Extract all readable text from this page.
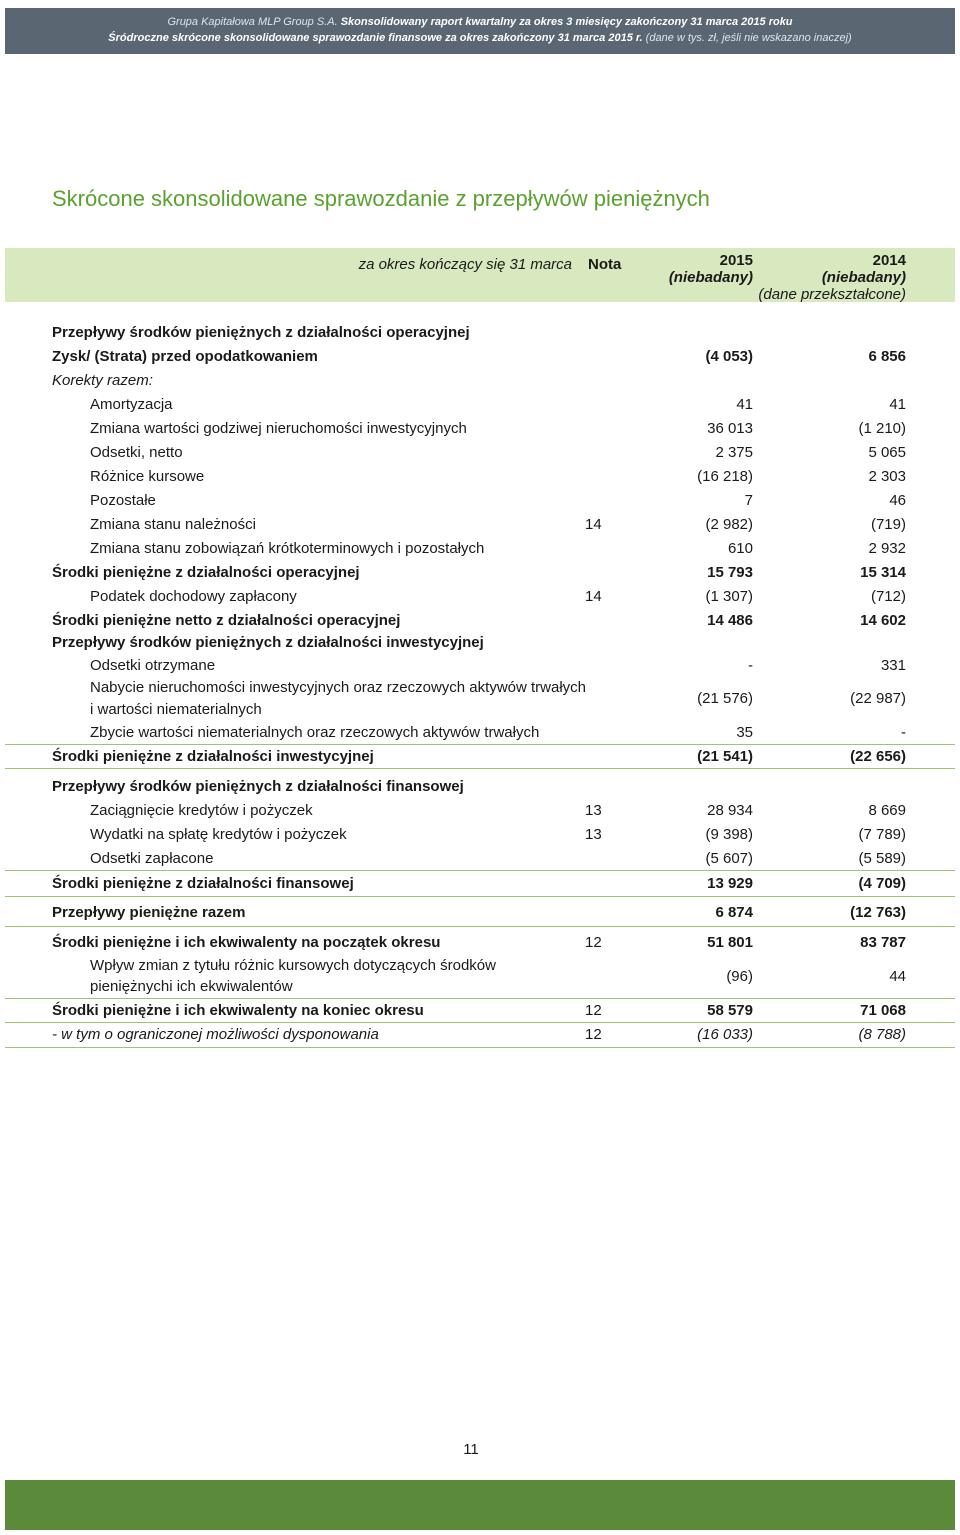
Grupa Kapitałowa MLP Group S.A. Skonsolidowany raport kwartalny za okres 3 miesięcy zakończony 31 marca 2015 roku
Śródroczne skrócone skonsolidowane sprawozdanie finansowe za okres zakończony 31 marca 2015 r. (dane w tys. zł, jeśli nie wskazano inaczej)
Skrócone skonsolidowane sprawozdanie z przepływów pieniężnych
za okres kończący się 31 marca Nota	2015
(niebadany)
2014
(niebadany)
(dane przekształcone)
Przepływy środków pieniężnych z działalności operacyjnej
Zysk/ (Strata) przed opodatkowaniem	(4 053)	6 856
Korekty razem:
Amortyzacja	41	41
Zmiana wartości godziwej nieruchomości inwestycyjnych	36 013	(1 210)
Odsetki, netto	2 375	5 065
Różnice kursowe	(16 218)	2 303
Pozostałe	7	46
Zmiana stanu należności	14	(2 982)	(719)
Zmiana stanu zobowiązań krótkoterminowych i pozostałych	610	2 932
Środki pieniężne z działalności operacyjnej	15 793	15 314
Podatek dochodowy zapłacony	14	(1 307)	(712)
Środki pieniężne netto z działalności operacyjnej	14 486	14 602
Przepływy środków pieniężnych z działalności inwestycyjnej
Odsetki otrzymane	-	331
Nabycie nieruchomości inwestycyjnych oraz rzeczowych aktywów trwałych i wartości niematerialnych
(21 576)	(22 987)
Zbycie wartości niematerialnych oraz rzeczowych aktywów trwałych	35	-
Środki pieniężne z działalności inwestycyjnej	(21 541)	(22 656)
Przepływy środków pieniężnych z działalności finansowej
Zaciągnięcie kredytów i pożyczek	13	28 934	8 669
Wydatki na spłatę kredytów i pożyczek	13	(9 398)	(7 789)
Odsetki zapłacone	(5 607)	(5 589)
Środki pieniężne z działalności finansowej	13 929	(4 709)
Przepływy pieniężne razem	6 874	(12 763)
Środki pieniężne i ich ekwiwalenty na początek okresu	12	51 801	83 787
Wpływ zmian z tytułu różnic kursowych dotyczących środków pieniężnychi ich ekwiwalentów
(96)	44
Środki pieniężne i ich ekwiwalenty na koniec okresu	12	58 579	71 068
- w tym o ograniczonej możliwości dysponowania	12	(16 033)	(8 788)
11
